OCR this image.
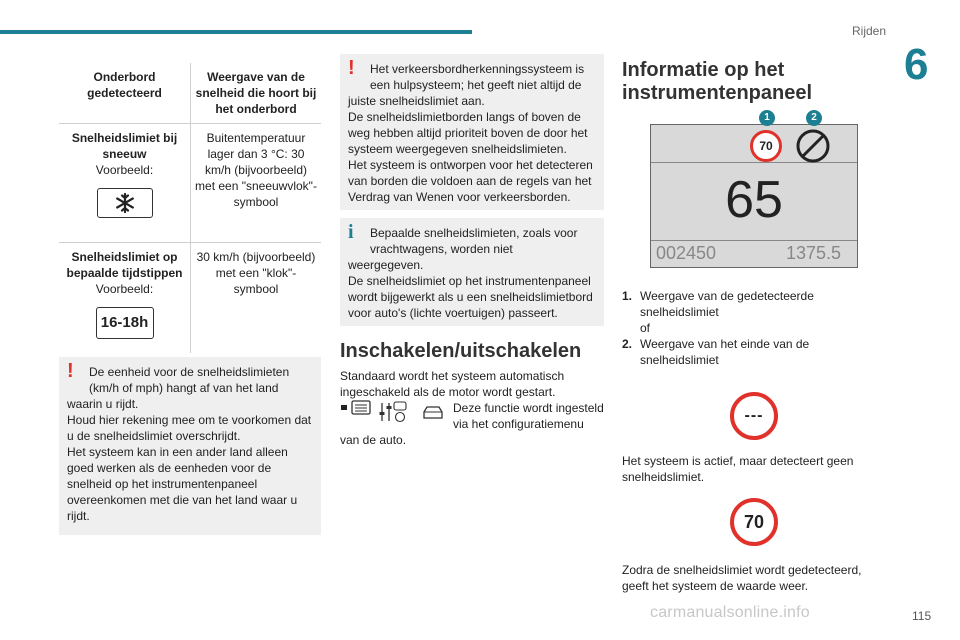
Rijden
6
Onderbord gedetecteerd	Weergave van de snelheid die hoort bij het onderbord

Snelheidslimiet bij sneeuw
Voorbeeld:	Buitentemperatuur lager dan 3 °C: 30 km/h (bijvoorbeeld) met een "sneeuwvlok"-symbool

Snelheidslimiet op bepaalde tijdstippen
Voorbeeld:
16-18h	30 km/h (bijvoorbeeld) met een "klok"-symbool
!	De eenheid voor de snelheidslimieten (km/h of mph) hangt af van het land

waarin u rijdt.

Houd hier rekening mee om te voorkomen dat u de snelheidslimiet overschrijdt.

Het systeem kan in een ander land alleen goed werken als de eenheden voor de snelheid op het instrumentenpaneel overeenkomen met die van het land waar u rijdt.

!	Het verkeersbordherkenningssysteem is een hulpsysteem; het geeft niet altijd de

juiste snelheidslimiet aan.

De snelheidslimietborden langs of boven de weg hebben altijd prioriteit boven de door het systeem weergegeven snelheidslimieten.

Het systeem is ontworpen voor het detecteren van borden die voldoen aan de regels van het Verdrag van Wenen voor verkeersborden.

i	Bepaalde snelheidslimieten, zoals voor vrachtwagens, worden niet

weergegeven.

De snelheidslimiet op het instrumentenpaneel wordt bijgewerkt als u een snelheidslimietbord voor auto's (lichte voertuigen) passeert.

Inschakelen/uitschakelen
Standaard wordt het systeem automatisch ingeschakeld als de motor wordt gestart.
Deze functie wordt ingesteld via het configuratiemenu
van de auto.
Informatie op het
instrumentenpaneel
70
1	2
65
002450	1375.5
1. Weergave van de gedetecteerde snelheidslimiet
of
2. Weergave van het einde van de snelheidslimiet
---
Het systeem is actief, maar detecteert geen snelheidslimiet.
70
Zodra de snelheidslimiet wordt gedetecteerd, geeft het systeem de waarde weer.
carmanualsonline.info	115
